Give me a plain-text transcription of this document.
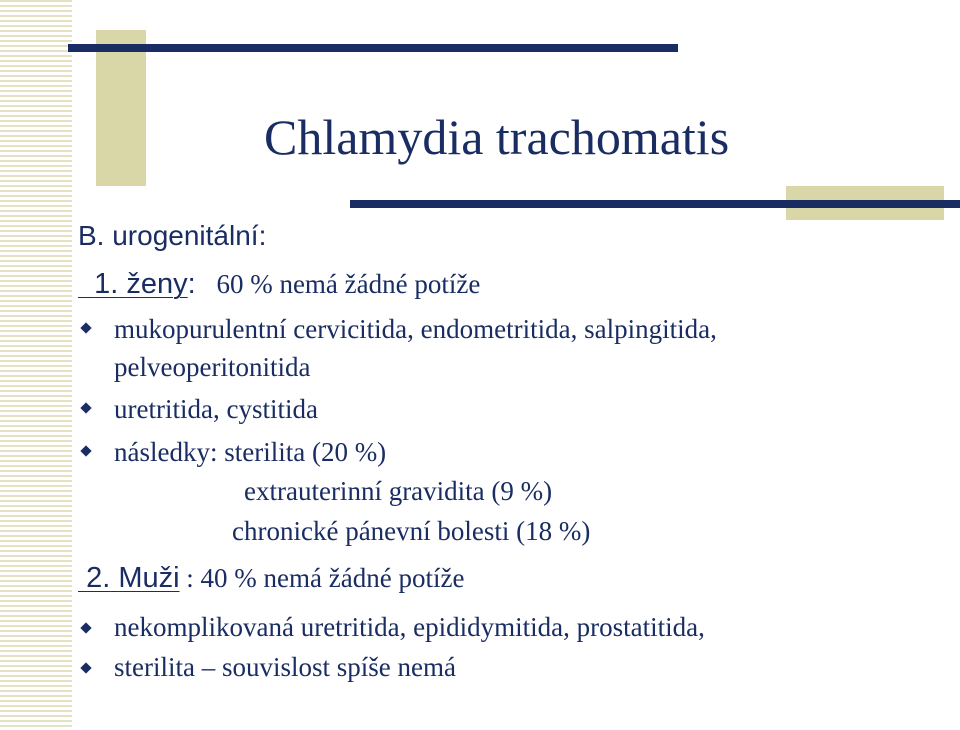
Chlamydia trachomatis
B. urogenitální:
1. ženy: 60 % nemá žádné potíže
mukopurulentní cervicitida, endometritida, salpingitida,
pelveoperitonitida
uretritida, cystitida
následky: sterilita (20 %)
extrauterinní gravidita (9 %)
chronické pánevní bolesti (18 %)
2. Muži : 40 % nemá žádné potíže
nekomplikovaná uretritida, epididymitida, prostatitida,
sterilita – souvislost spíše nemá
